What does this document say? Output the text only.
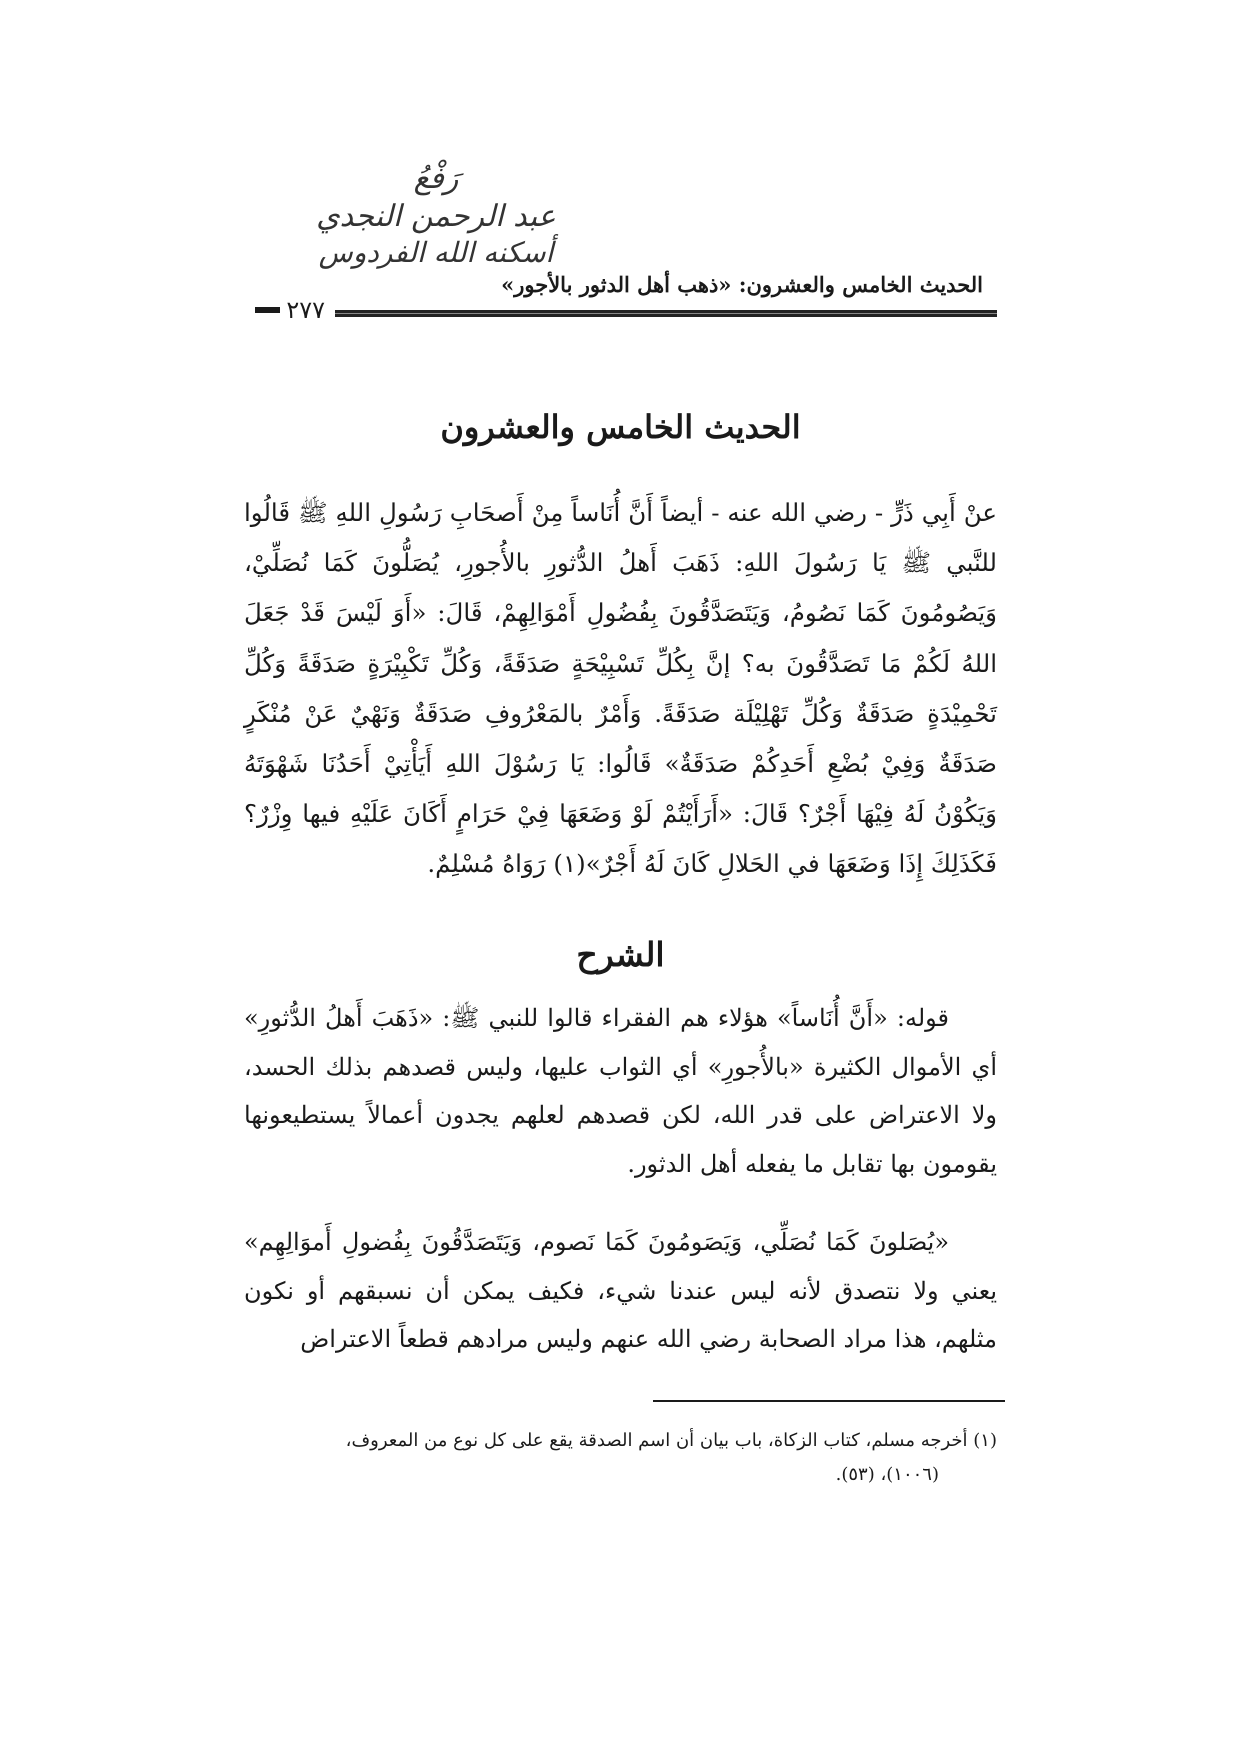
رَفْعُ
عبد الرحمن النجدي
أسكنه الله الفردوس
الحديث الخامس والعشرون: «ذهب أهل الدثور بالأجور»
٢٧٧
الحديث الخامس والعشرون
عنْ أَبِي ذَرٍّ - رضي الله عنه - أيضاً أَنَّ أُنَاساً مِنْ أَصحَابِ رَسُولِ اللهِ ﷺ قَالُوا للنَّبي ﷺ يَا رَسُولَ اللهِ: ذَهَبَ أَهلُ الدُّثورِ بالأُجورِ، يُصَلُّونَ كَمَا نُصَلِّيْ، وَيَصُومُونَ كَمَا نَصُومُ، وَيَتَصَدَّقُونَ بِفُضُولِ أَمْوَالِهِمْ، قَالَ: «أَوَ لَيْسَ قَدْ جَعَلَ اللهُ لَكُمْ مَا تَصَدَّقُونَ به؟ إنَّ بِكُلِّ تَسْبِيْحَةٍ صَدَقَةً، وَكُلِّ تَكْبِيْرَةٍ صَدَقَةً وَكُلِّ تَحْمِيْدَةٍ صَدَقَةٌ وَكُلِّ تَهْلِيْلَة صَدَقَةً. وَأَمْرٌ بالمَعْرُوفِ صَدَقَةٌ وَنَهْيٌ عَنْ مُنْكَرٍ صَدَقَةٌ وَفِيْ بُضْعِ أَحَدِكُمْ صَدَقَةٌ» قَالُوا: يَا رَسُوْلَ اللهِ أَيَأْتِيْ أَحَدُنَا شَهْوَتَهُ وَيَكُوْنُ لَهُ فِيْهَا أَجْرٌ؟ قَالَ: «أَرَأَيْتُمْ لَوْ وَضَعَهَا فِيْ حَرَامٍ أَكَانَ عَلَيْهِ فيها وِزْرٌ؟ فَكَذَلِكَ إِذَا وَضَعَهَا في الحَلالِ كَانَ لَهُ أَجْرٌ»(١) رَوَاهُ مُسْلِمٌ.
الشرح
قوله: «أَنَّ أُنَاساً» هؤلاء هم الفقراء قالوا للنبي ﷺ: «ذَهَبَ أَهلُ الدُّثورِ» أي الأموال الكثيرة «بالأُجورِ» أي الثواب عليها، وليس قصدهم بذلك الحسد، ولا الاعتراض على قدر الله، لكن قصدهم لعلهم يجدون أعمالاً يستطيعونها يقومون بها تقابل ما يفعله أهل الدثور.
«يُصَلونَ كَمَا نُصَلِّي، وَيَصَومُونَ كَمَا نَصوم، وَيَتَصَدَّقُونَ بِفُضولِ أَموَالِهِم» يعني ولا نتصدق لأنه ليس عندنا شيء، فكيف يمكن أن نسبقهم أو نكون مثلهم، هذا مراد الصحابة رضي الله عنهم وليس مرادهم قطعاً الاعتراض
(١) أخرجه مسلم، كتاب الزكاة، باب بيان أن اسم الصدقة يقع على كل نوع من المعروف،
(١٠٠٦)، (٥٣).
